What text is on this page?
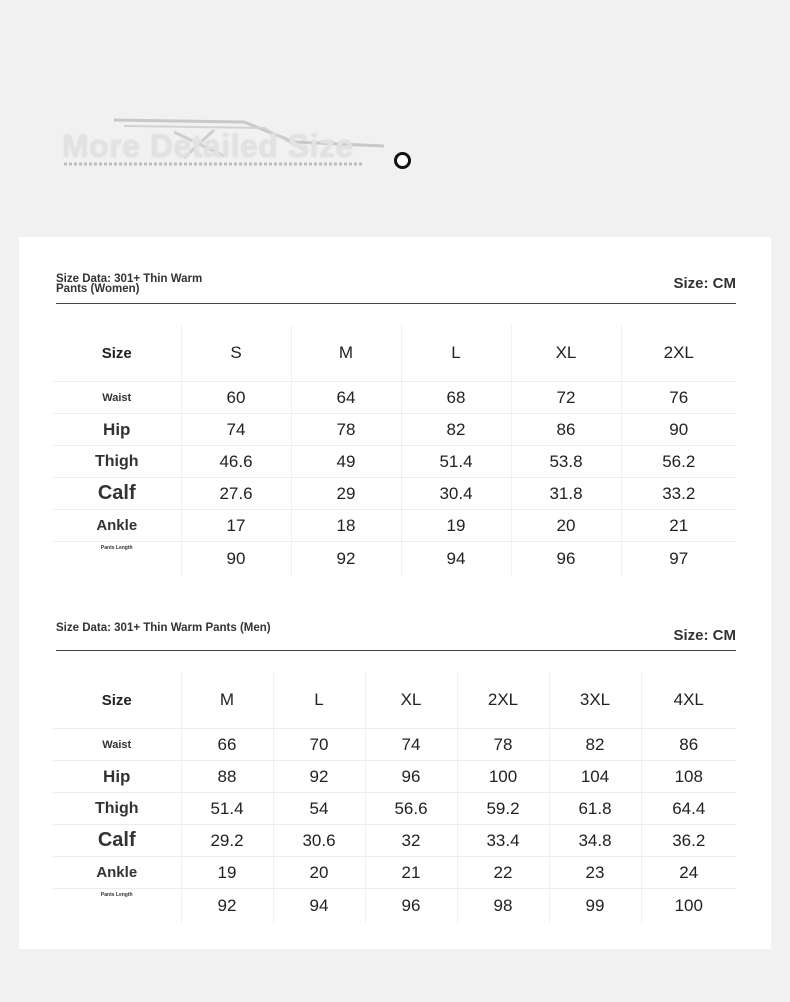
More Detailed Size
Size Data: 301+ Thin Warm Pants (Women)	Size: CM
Size	S	M	L	XL	2XL
Waist	60	64	68	72	76
Hip	74	78	82	86	90
Thigh	46.6	49	51.4	53.8	56.2
Calf	27.6	29	30.4	31.8	33.2
Ankle	17	18	19	20	21
Pants Length	90	92	94	96	97
Size Data: 301+ Thin Warm Pants (Men)	Size: CM
Size	M	L	XL	2XL	3XL	4XL
Waist	66	70	74	78	82	86
Hip	88	92	96	100	104	108
Thigh	51.4	54	56.6	59.2	61.8	64.4
Calf	29.2	30.6	32	33.4	34.8	36.2
Ankle	19	20	21	22	23	24
Pants Length	92	94	96	98	99	100
